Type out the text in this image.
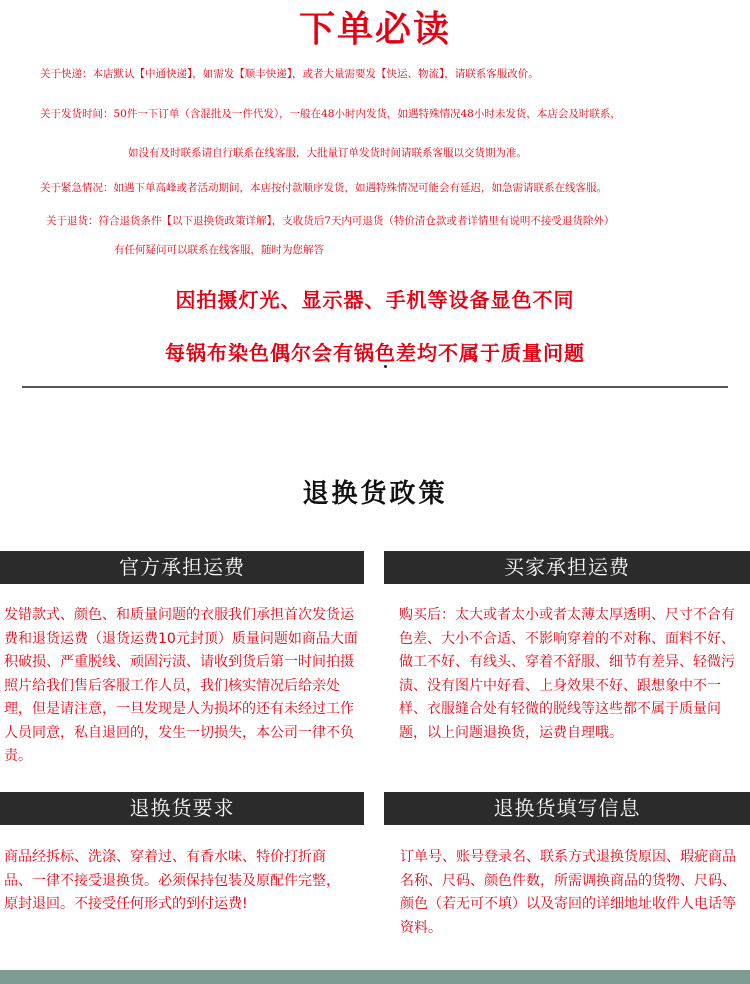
下单必读
关于快递：本店默认【中通快递】，如需发【顺丰快递】，或者大量需要发【快运、物流】，请联系客服改价。
关于发货时间：50件一下订单（含混批及一件代发），一般在48小时内发货，如遇特殊情况48小时未发货，本店会及时联系，
如没有及时联系请自行联系在线客服，大批量订单发货时间请联系客服以交货期为准。
关于紧急情况：如遇下单高峰或者活动期间，本店按付款顺序发货，如遇特殊情况可能会有延迟，如急需请联系在线客服。
关于退货：符合退货条件【以下退换货政策详解】，支收货后7天内可退货（特价清仓款或者详情里有说明不接受退货除外）
有任何疑问可以联系在线客服，随时为您解答
因拍摄灯光、显示器、手机等设备显色不同
每锅布染色偶尔会有锅色差均不属于质量问题
退换货政策
官方承担运费

发错款式、颜色、和质量问题的衣服我们承担首次发货运费和退货运费（退货运费10元封顶）质量问题如商品大面积破损、严重脱线、顽固污渍、请收到货后第一时间拍摄照片给我们售后客服工作人员，我们核实情况后给亲处理，但是请注意，一旦发现是人为损坏的还有未经过工作人员同意，私自退回的，发生一切损失，本公司一律不负责。

买家承担运费

购买后：太大或者太小或者太薄太厚透明、尺寸不合有色差、大小不合适、不影响穿着的不对称、面料不好、做工不好、有线头、穿着不舒服、细节有差异、轻微污渍、没有图片中好看、上身效果不好、跟想象中不一样、衣服缝合处有轻微的脱线等这些都不属于质量问题，以上问题退换货，运费自理哦。

退换货要求

商品经拆标、洗涤、穿着过、有香水味、特价打折商品、一律不接受退换货。必须保持包装及原配件完整，原封退回。不接受任何形式的到付运费!

退换货填写信息

订单号、账号登录名、联系方式退换货原因、瑕疵商品名称、尺码、颜色件数，所需调换商品的货物、尺码、颜色（若无可不填）以及寄回的详细地址收件人电话等资料。
